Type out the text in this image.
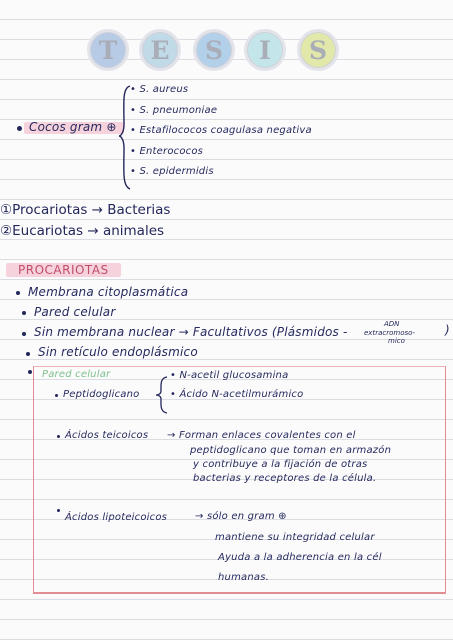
T	E	S	I	S
Cocos gram ⊕
• S. aureus
• S. pneumoniae
• Estafilococos coagulasa negativa
• Enterococos
• S. epidermidis
①Procariotas → Bacterias
②Eucariotas → animales
PROCARIOTAS
Membrana citoplasmática
Pared celular
Sin membrana nuclear → Facultativos (Plásmidos -
ADN
extracromoso-
mico
)
Sin retículo endoplásmico
Pared celular
Peptidoglicano
• N-acetil glucosamina
• Ácido N-acetilmurámico
Ácidos teicoicos → Forman enlaces covalentes con el
peptidoglicano que toman en armazón
y contribuye a la fijación de otras
bacterias y receptores de la célula.
Ácidos lipoteicoicos	→ sólo en gram ⊕
mantiene su integridad celular
Ayuda a la adherencia en la cél
humanas.
